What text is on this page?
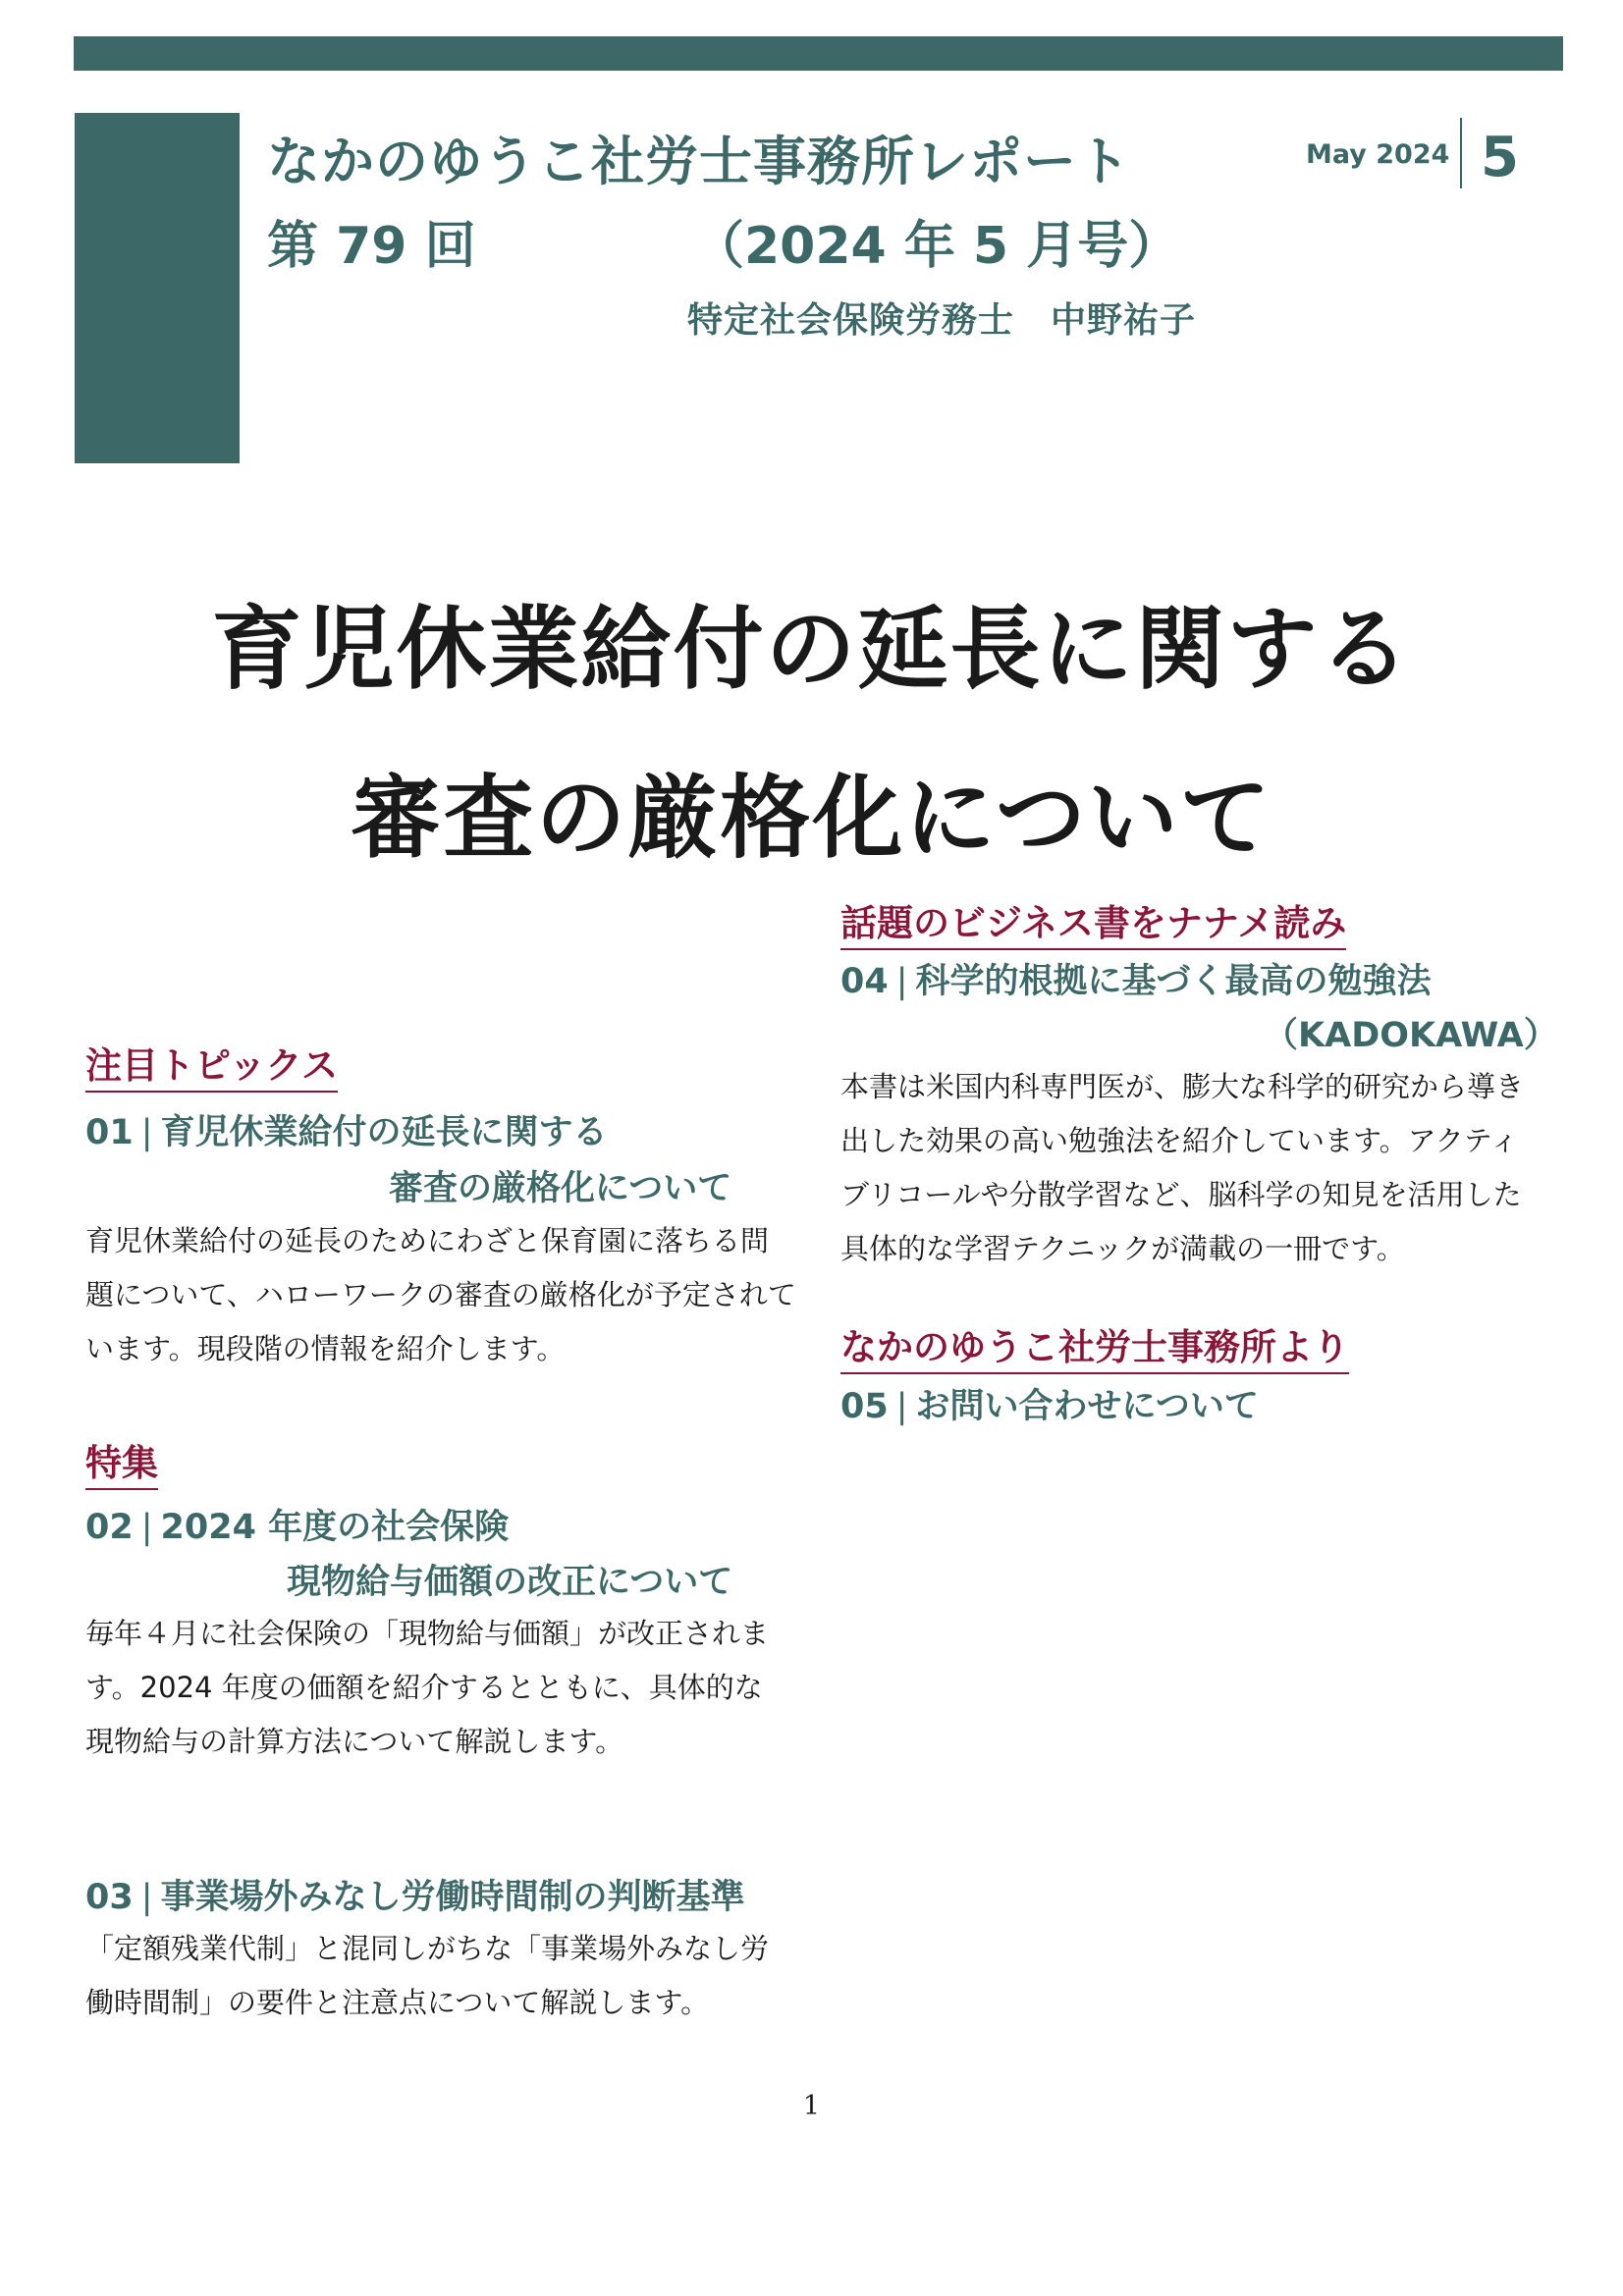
なかのゆうこ社労士事務所レポート
第 79 回	（2024 年 5 月号）
特定社会保険労務士　中野祐子
May 2024 5
育児休業給付の延長に関する
審査の厳格化について
注目トピックス
01 | 育児休業給付の延長に関する
審査の厳格化について
育児休業給付の延長のためにわざと保育園に落ちる問
題について、ハローワークの審査の厳格化が予定されて
います。現段階の情報を紹介します。
特集
02 | 2024 年度の社会保険
現物給与価額の改正について
毎年４月に社会保険の「現物給与価額」が改正されま
す。2024 年度の価額を紹介するとともに、具体的な
現物給与の計算方法について解説します。
03 | 事業場外みなし労働時間制の判断基準
「定額残業代制」と混同しがちな「事業場外みなし労
働時間制」の要件と注意点について解説します。
話題のビジネス書をナナメ読み
04 | 科学的根拠に基づく最高の勉強法
（KADOKAWA）
本書は米国内科専門医が、膨大な科学的研究から導き
出した効果の高い勉強法を紹介しています。アクティ
ブリコールや分散学習など、脳科学の知見を活用した
具体的な学習テクニックが満載の一冊です。
なかのゆうこ社労士事務所より
05 | お問い合わせについて
1
